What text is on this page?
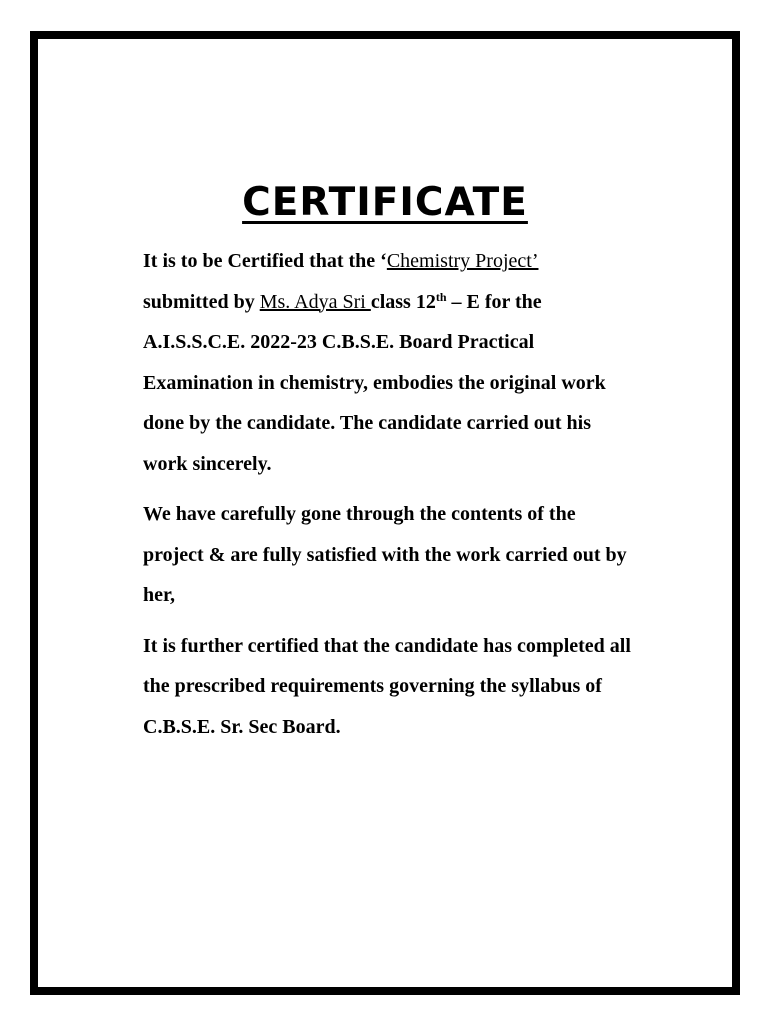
CERTIFICATE

It is to be Certified that the ‘Chemistry Project’
submitted by Ms. Adya Sri class 12th – E for the
A.I.S.S.C.E. 2022-23 C.B.S.E. Board Practical
Examination in chemistry, embodies the original work
done by the candidate. The candidate carried out his
work sincerely.

We have carefully gone through the contents of the
project & are fully satisfied with the work carried out by
her,

It is further certified that the candidate has completed all
the prescribed requirements governing the syllabus of
C.B.S.E. Sr. Sec Board.
